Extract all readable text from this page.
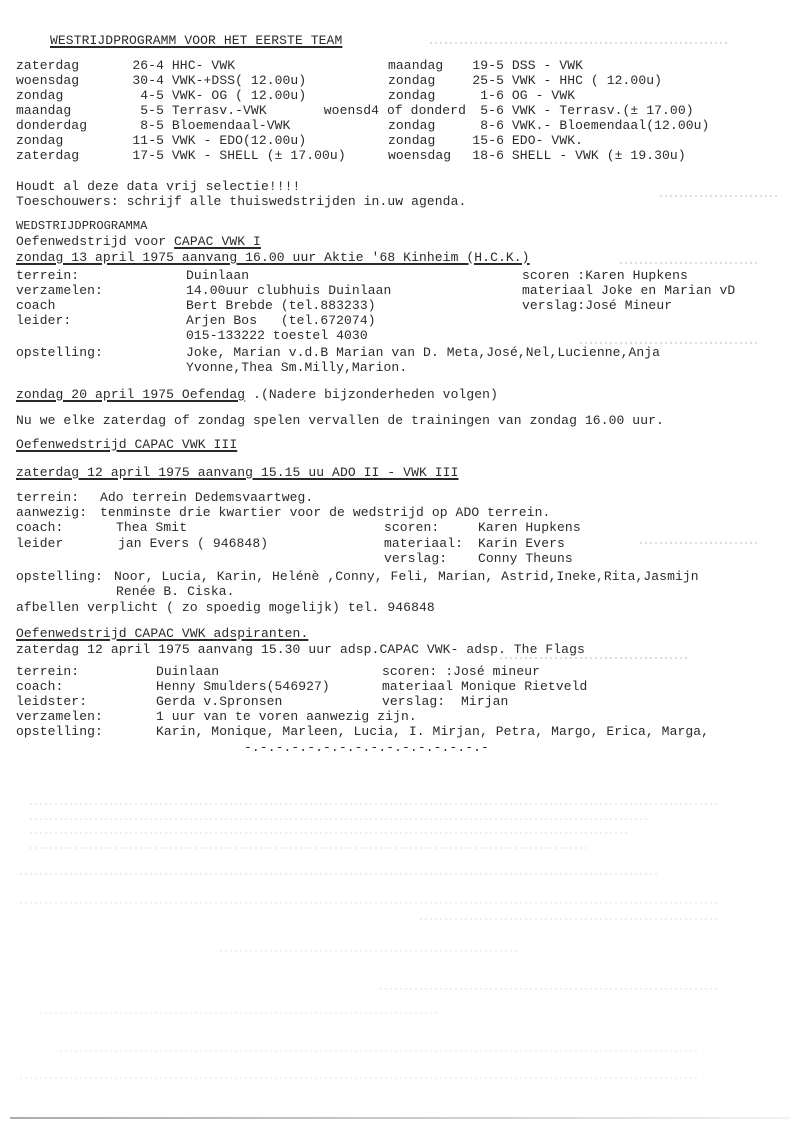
WESTRIJDPROGRAMM VOOR HET EERSTE TEAM
zaterdag	26-4 HHC- VWK
woensdag	30-4 VWK-+DSS( 12.00u)
zondag	4-5 VWK- OG ( 12.00u)
maandag	5-5 Terrasv.-VWK
donderdag	8-5 Bloemendaal-VWK
zondag	11-5 VWK - EDO(12.00u)
zaterdag	17-5 VWK - SHELL (± 17.00u)
maandag 19-5 DSS - VWK
zondag	25-5 VWK - HHC ( 12.00u)
zondag	1-6 OG - VWK
woensd4 of donderd 5-6 VWK - Terrasv.(± 17.00)
zondag	8-6 VWK.- Bloemendaal(12.00u)
zondag	15-6 EDO- VWK.
woensdag 18-6 SHELL - VWK (± 19.30u)
Houdt al deze data vrij selectie!!!!
Toeschouwers: schrijf alle thuiswedstrijden in.uw agenda.
WEDSTRIJDPROGRAMMA
Oefenwedstrijd voor CAPAC VWK I
zondag 13 april 1975 aanvang 16.00 uur Aktie '68 Kinheim (H.C.K.)
terrein:	Duinlaan
verzamelen:	14.00uur clubhuis Duinlaan
coach	Bert Brebde (tel.883233)
leider:	Arjen Bos   (tel.672074)
015-133222 toestel 4030
opstelling:	Joke, Marian v.d.B Marian van D. Meta,José,Nel,Lucienne,Anja
Yvonne,Thea Sm.Milly,Marion.
scoren :Karen Hupkens
materiaal Joke en Marian vD
verslag:José Mineur
zondag 20 april 1975 Oefendag .(Nadere bijzonderheden volgen)
Nu we elke zaterdag of zondag spelen vervallen de trainingen van zondag 16.00 uur.
Oefenwedstrijd CAPAC VWK III
zaterdag 12 april 1975 aanvang 15.15 uu ADO II - VWK III
terrein: Ado terrein Dedemsvaartweg.
aanwezig: tenminste drie kwartier voor de wedstrijd op ADO terrein.
coach:	Thea Smit
leider	jan Evers ( 946848)
scoren:	Karen Hupkens
materiaal: Karin Evers
verslag: Conny Theuns
opstelling: Noor, Lucia, Karin, Helénè ,Conny, Feli, Marian, Astrid,Ineke,Rita,Jasmijn
Renée B. Ciska.
afbellen verplicht ( zo spoedig mogelijk) tel. 946848
Oefenwedstrijd CAPAC VWK adspiranten.
zaterdag 12 april 1975 aanvang 15.30 uur adsp.CAPAC VWK- adsp. The Flags
terrein:	Duinlaan
coach:	Henny Smulders(546927)
leidster:	Gerda v.Spronsen
verzamelen:	1 uur van te voren aanwezig zijn.
opstelling:	Karin, Monique, Marleen, Lucia, I. Mirjan, Petra, Margo, Erica, Marga,
scoren: :José mineur
materiaal Monique Rietveld
verslag:  Mirjan
-.-.-.-.-.-.-.-.-.-.-.-.-.-.-.-
